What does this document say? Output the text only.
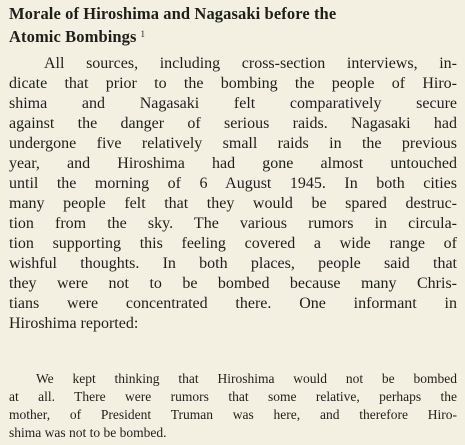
Morale of Hiroshima and Nagasaki before the
Atomic Bombings $^1$
All sources, including cross-section interviews, in-
dicate that prior to the bombing the people of Hiro-
shima and Nagasaki felt comparatively secure
against the danger of serious raids. Nagasaki had
undergone five relatively small raids in the previous
year, and Hiroshima had gone almost untouched
until the morning of 6 August 1945. In both cities
many people felt that they would be spared destruc-
tion from the sky. The various rumors in circula-
tion supporting this feeling covered a wide range of
wishful thoughts. In both places, people said that
they were not to be bombed because many Chris-
tians were concentrated there. One informant in
Hiroshima reported:
We kept thinking that Hiroshima would not be bombed
at all. There were rumors that some relative, perhaps the
mother, of President Truman was here, and therefore Hiro-
shima was not to be bombed.
